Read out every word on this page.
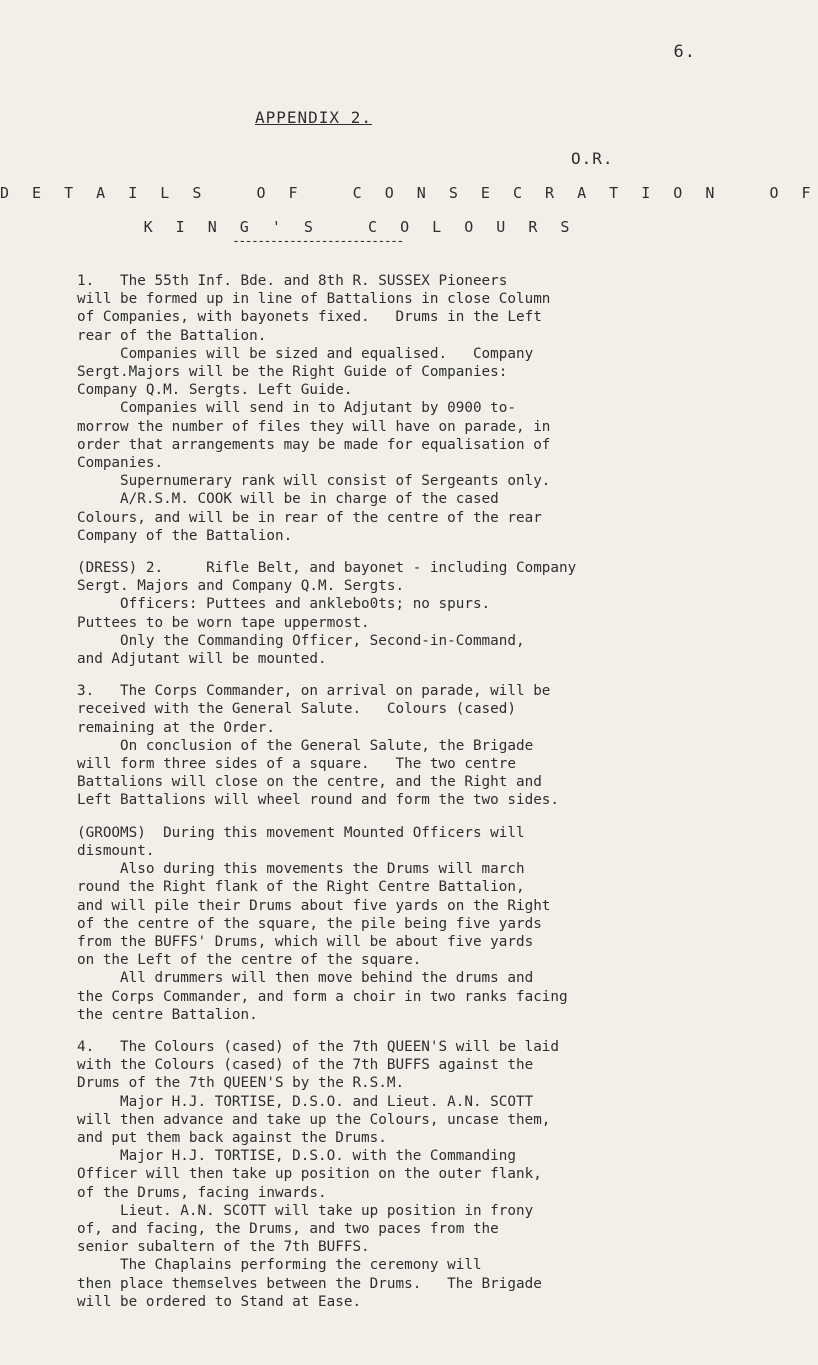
6.
APPENDIX 2.
O.R.
D E T A I L S   O F   C O N S E C R A T I O N   O F
K I N G ' S   C O L O U R S
---------------------------
1.   The 55th Inf. Bde. and 8th R. SUSSEX Pioneers
will be formed up in line of Battalions in close Column
of Companies, with bayonets fixed.   Drums in the Left
rear of the Battalion.
Companies will be sized and equalised.   Company
Sergt.Majors will be the Right Guide of Companies:
Company Q.M. Sergts. Left Guide.
Companies will send in to Adjutant by 0900 to-
morrow the number of files they will have on parade, in
order that arrangements may be made for equalisation of
Companies.
Supernumerary rank will consist of Sergeants only.
A/R.S.M. COOK will be in charge of the cased
Colours, and will be in rear of the centre of the rear
Company of the Battalion.
(DRESS) 2.     Rifle Belt, and bayonet - including Company
Sergt. Majors and Company Q.M. Sergts.
Officers: Puttees and anklebo0ts; no spurs.
Puttees to be worn tape uppermost.
Only the Commanding Officer, Second-in-Command,
and Adjutant will be mounted.
3.   The Corps Commander, on arrival on parade, will be
received with the General Salute.   Colours (cased)
remaining at the Order.
On conclusion of the General Salute, the Brigade
will form three sides of a square.   The two centre
Battalions will close on the centre, and the Right and
Left Battalions will wheel round and form the two sides.
(GROOMS)  During this movement Mounted Officers will
dismount.
Also during this movements the Drums will march
round the Right flank of the Right Centre Battalion,
and will pile their Drums about five yards on the Right
of the centre of the square, the pile being five yards
from the BUFFS' Drums, which will be about five yards
on the Left of the centre of the square.
All drummers will then move behind the drums and
the Corps Commander, and form a choir in two ranks facing
the centre Battalion.
4.   The Colours (cased) of the 7th QUEEN'S will be laid
with the Colours (cased) of the 7th BUFFS against the
Drums of the 7th QUEEN'S by the R.S.M.
Major H.J. TORTISE, D.S.O. and Lieut. A.N. SCOTT
will then advance and take up the Colours, uncase them,
and put them back against the Drums.
Major H.J. TORTISE, D.S.O. with the Commanding
Officer will then take up position on the outer flank,
of the Drums, facing inwards.
Lieut. A.N. SCOTT will take up position in frony
of, and facing, the Drums, and two paces from the
senior subaltern of the 7th BUFFS.
The Chaplains performing the ceremony will
then place themselves between the Drums.   The Brigade
will be ordered to Stand at Ease.
